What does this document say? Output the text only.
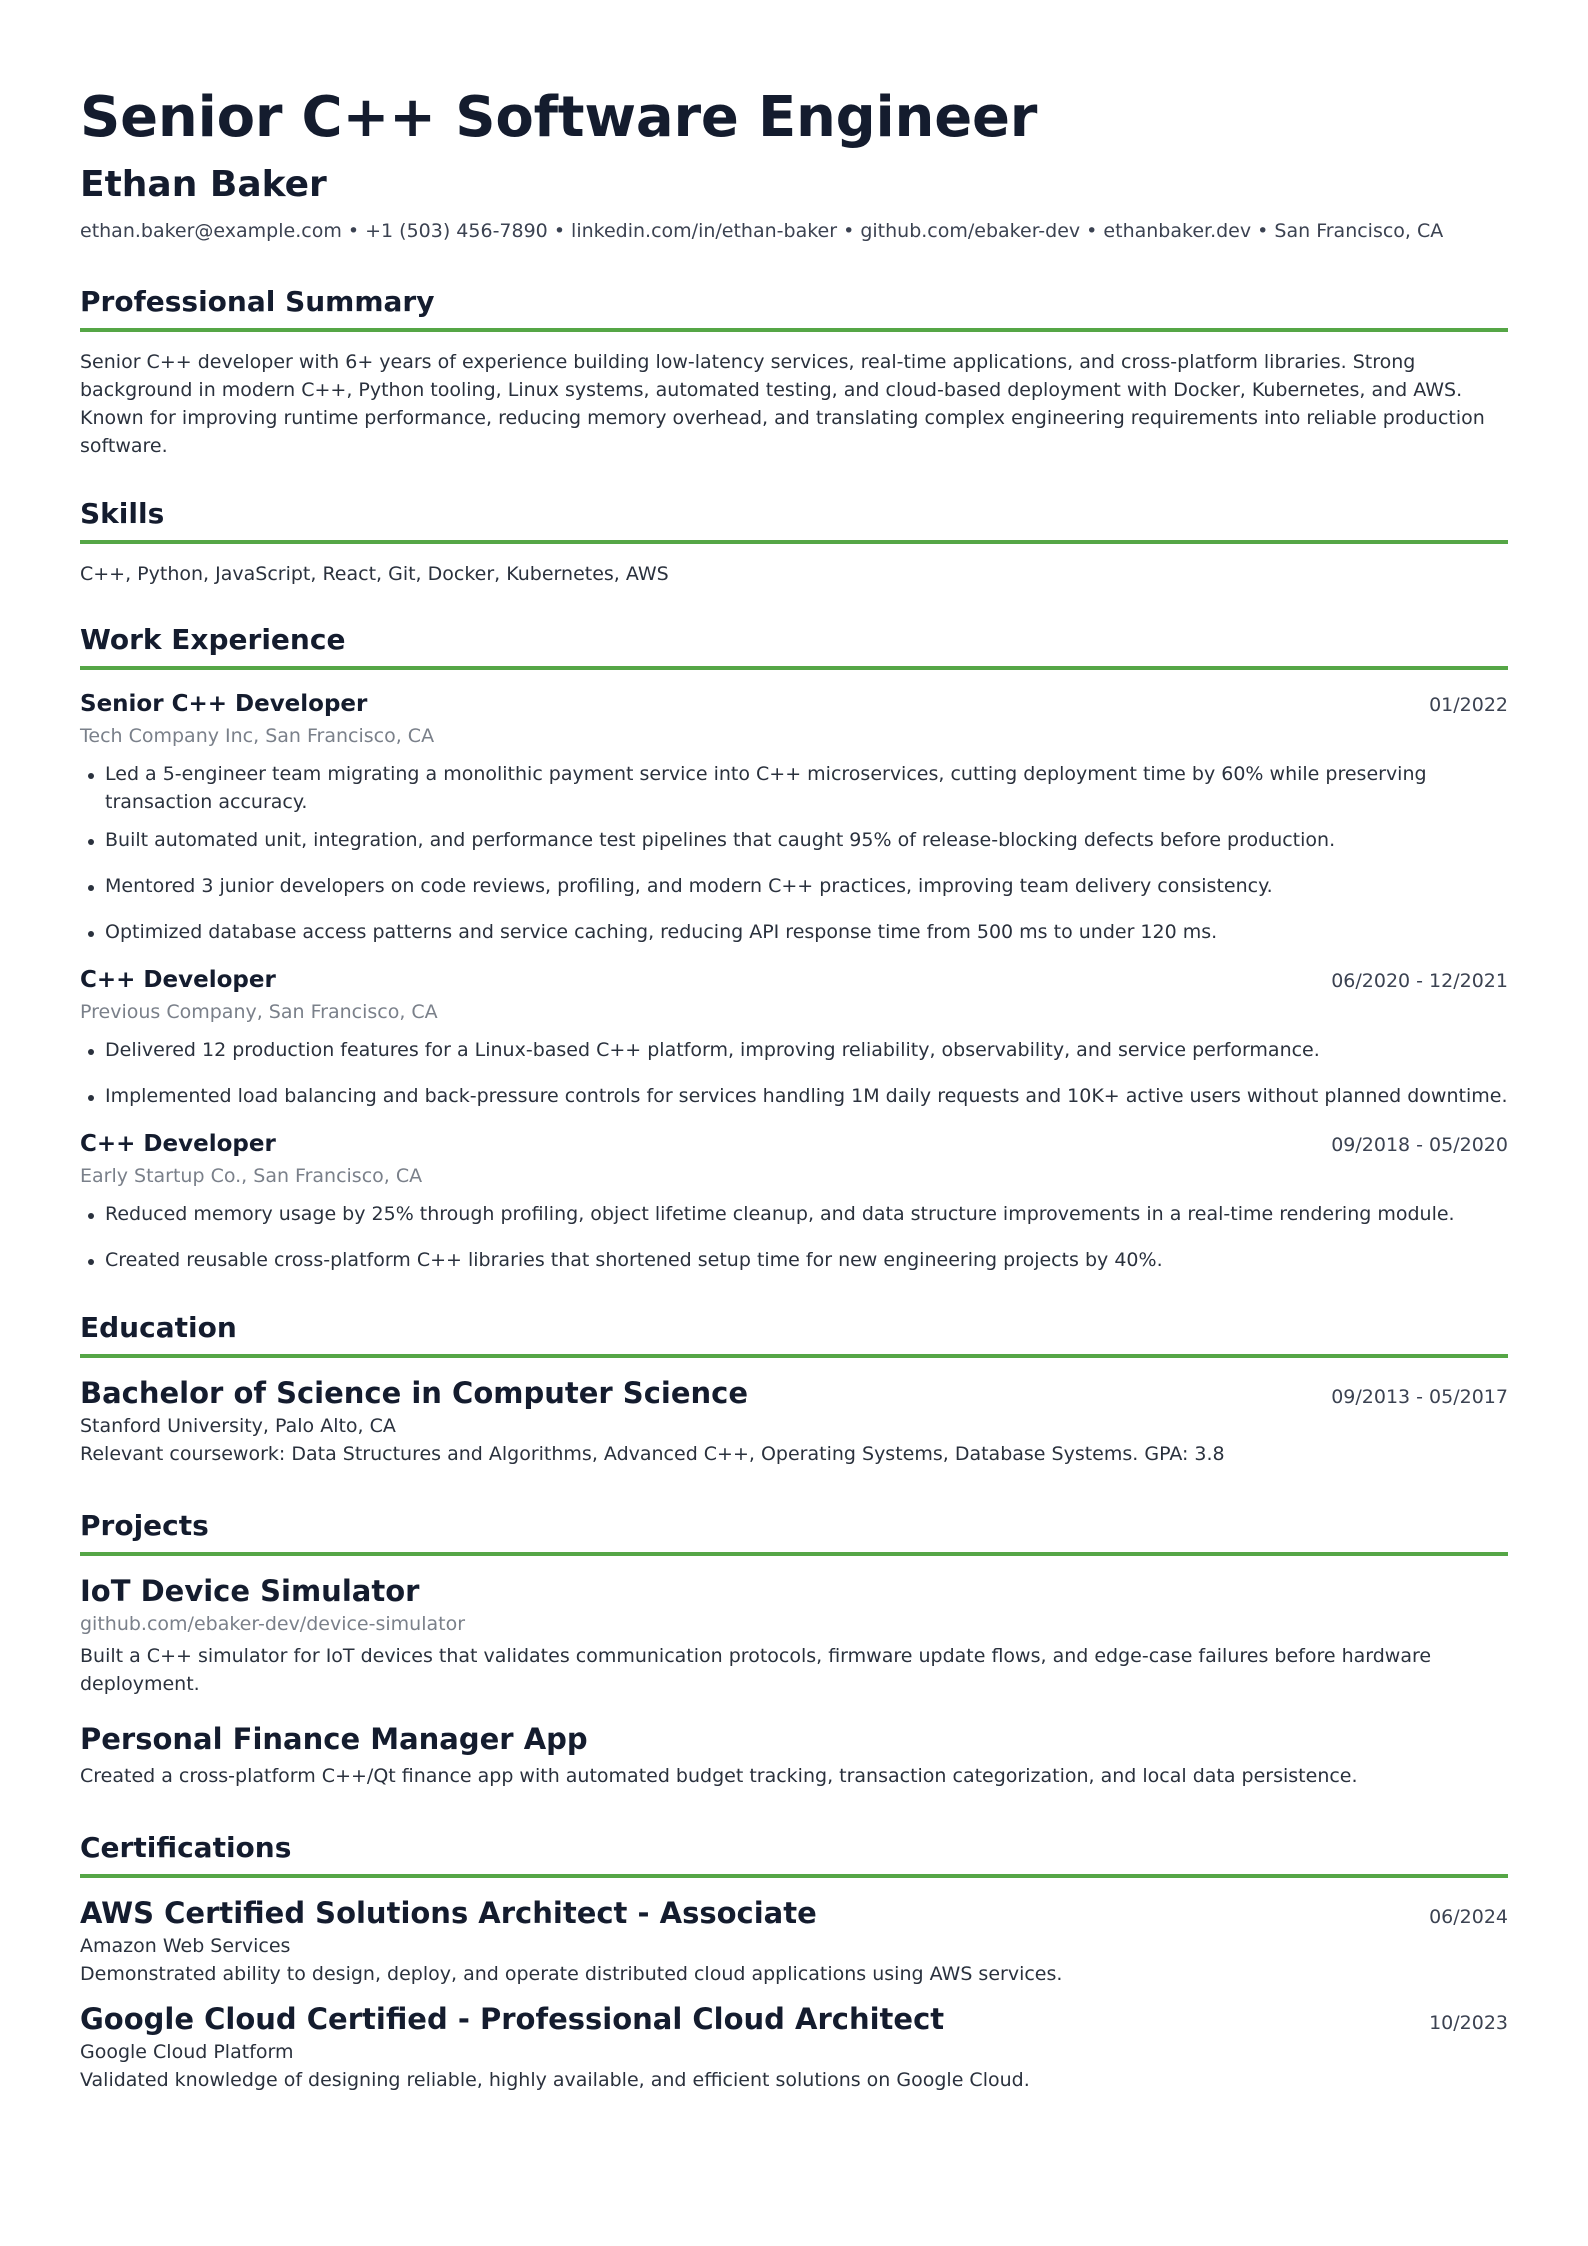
Senior C++ Software Engineer
Ethan Baker
ethan.baker@example.com • +1 (503) 456-7890 • linkedin.com/in/ethan-baker • github.com/ebaker-dev • ethanbaker.dev • San Francisco, CA
Professional Summary

Senior C++ developer with 6+ years of experience building low-latency services, real-time applications, and cross-platform libraries. Strong background in modern C++, Python tooling, Linux systems, automated testing, and cloud-based deployment with Docker, Kubernetes, and AWS. Known for improving runtime performance, reducing memory overhead, and translating complex engineering requirements into reliable production software.

Skills

C++, Python, JavaScript, React, Git, Docker, Kubernetes, AWS

Work Experience
Senior C++ Developer	01/2022
Tech Company Inc, San Francisco, CA
Led a 5-engineer team migrating a monolithic payment service into C++ microservices, cutting deployment time by 60% while preserving transaction accuracy.
Built automated unit, integration, and performance test pipelines that caught 95% of release-blocking defects before production.
Mentored 3 junior developers on code reviews, profiling, and modern C++ practices, improving team delivery consistency.
Optimized database access patterns and service caching, reducing API response time from 500 ms to under 120 ms.
C++ Developer	06/2020 - 12/2021
Previous Company, San Francisco, CA
Delivered 12 production features for a Linux-based C++ platform, improving reliability, observability, and service performance.
Implemented load balancing and back-pressure controls for services handling 1M daily requests and 10K+ active users without planned downtime.
C++ Developer	09/2018 - 05/2020
Early Startup Co., San Francisco, CA
Reduced memory usage by 25% through profiling, object lifetime cleanup, and data structure improvements in a real-time rendering module.
Created reusable cross-platform C++ libraries that shortened setup time for new engineering projects by 40%.
Education
Bachelor of Science in Computer Science	09/2013 - 05/2017
Stanford University, Palo Alto, CA
Relevant coursework: Data Structures and Algorithms, Advanced C++, Operating Systems, Database Systems. GPA: 3.8
Projects
IoT Device Simulator
github.com/ebaker-dev/device-simulator
Built a C++ simulator for IoT devices that validates communication protocols, firmware update flows, and edge-case failures before hardware deployment.
Personal Finance Manager App
Created a cross-platform C++/Qt finance app with automated budget tracking, transaction categorization, and local data persistence.
Certifications
AWS Certified Solutions Architect - Associate	06/2024
Amazon Web Services
Demonstrated ability to design, deploy, and operate distributed cloud applications using AWS services.
Google Cloud Certified - Professional Cloud Architect	10/2023
Google Cloud Platform
Validated knowledge of designing reliable, highly available, and efficient solutions on Google Cloud.
